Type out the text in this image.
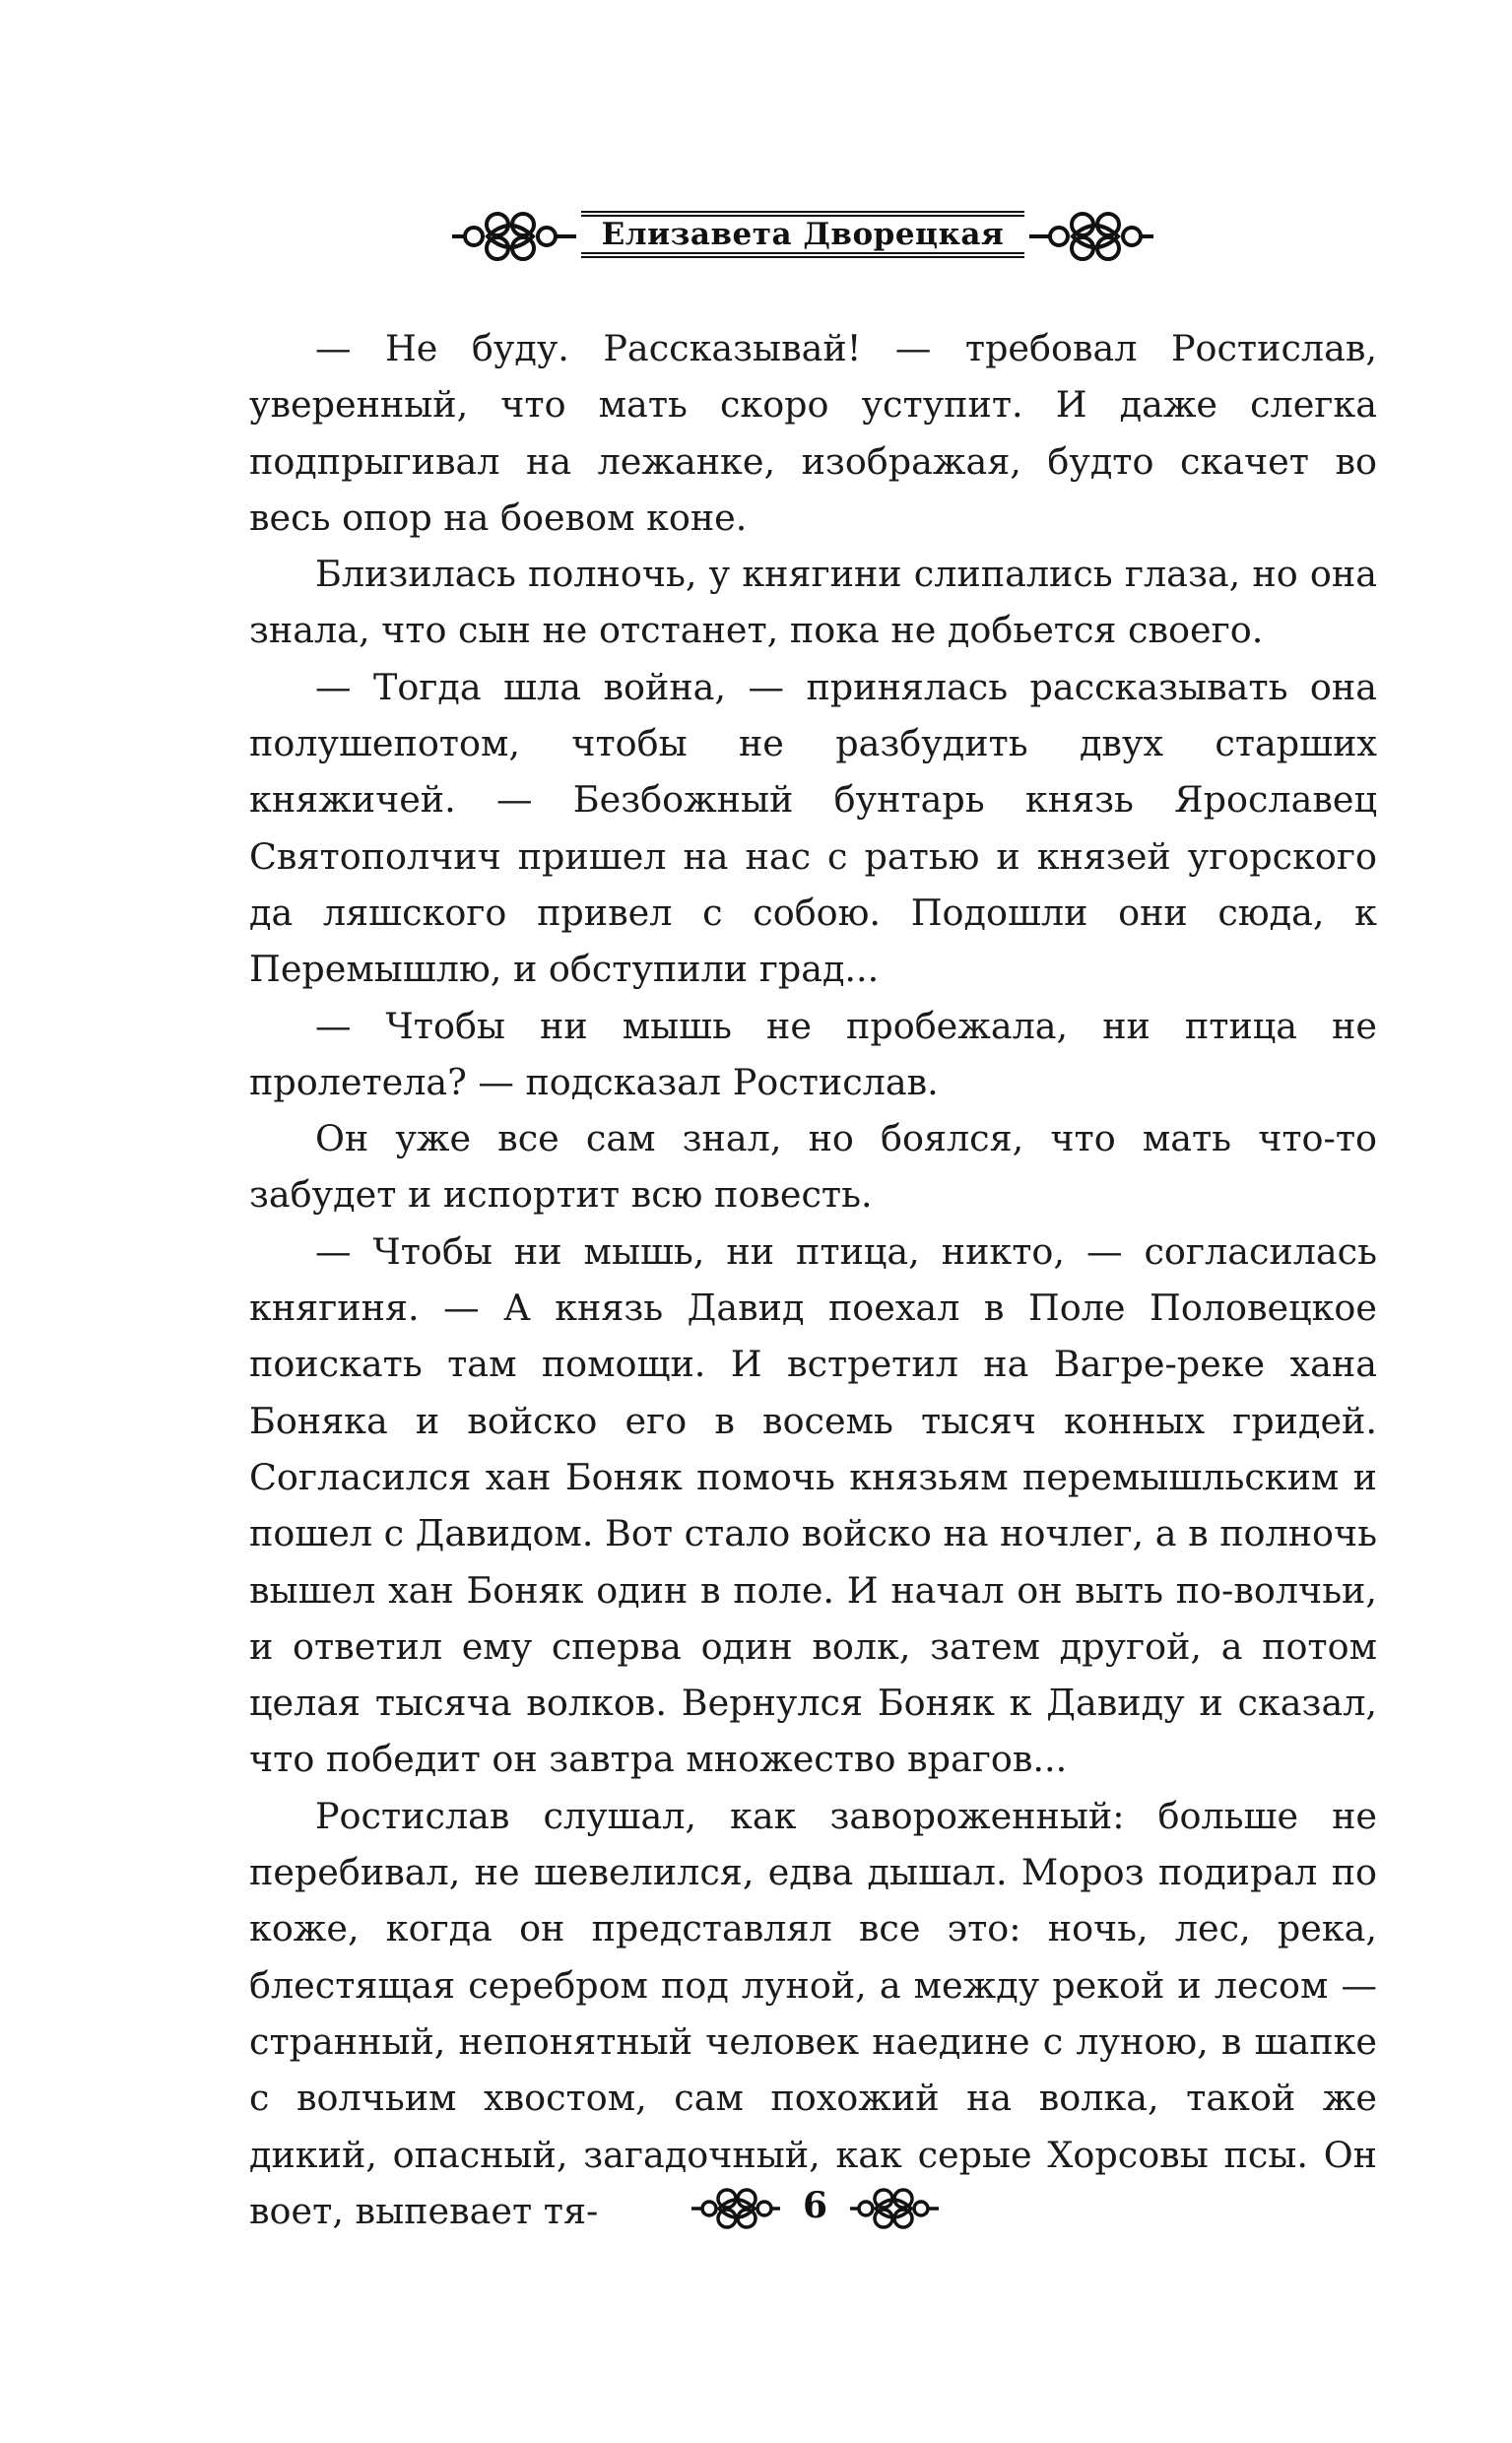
Елизавета Дворецкая

— Не буду. Рассказывай! — требовал Ростислав, уверенный, что мать скоро уступит. И даже слегка подпрыгивал на лежанке, изображая, будто скачет во весь опор на боевом коне.

Близилась полночь, у княгини слипались глаза, но она знала, что сын не отстанет, пока не добьется своего.

— Тогда шла война, — принялась рассказывать она полушепотом, чтобы не разбудить двух старших княжичей. — Безбожный бунтарь князь Ярославец Святополчич пришел на нас с ратью и князей угорского да ляшского привел с собою. Подошли они сюда, к Перемышлю, и обступили град...

— Чтобы ни мышь не пробежала, ни птица не пролетела? — подсказал Ростислав.

Он уже все сам знал, но боялся, что мать что-то забудет и испортит всю повесть.

— Чтобы ни мышь, ни птица, никто, — согласилась княгиня. — А князь Давид поехал в Поле Половецкое поискать там помощи. И встретил на Вагре-реке хана Боняка и войско его в восемь тысяч конных гридей. Согласился хан Боняк помочь князьям перемышльским и пошел с Давидом. Вот стало войско на ночлег, а в полночь вышел хан Боняк один в поле. И начал он выть по-волчьи, и ответил ему сперва один волк, затем другой, а потом целая тысяча волков. Вернулся Боняк к Давиду и сказал, что победит он завтра множество врагов...

Ростислав слушал, как завороженный: больше не перебивал, не шевелился, едва дышал. Мороз подирал по коже, когда он представлял все это: ночь, лес, река, блестящая серебром под луной, а между рекой и лесом — странный, непонятный человек наедине с луною, в шапке с волчьим хвостом, сам похожий на волка, такой же дикий, опасный, загадочный, как серые Хорсовы псы. Он воет, выпевает тя-	6
